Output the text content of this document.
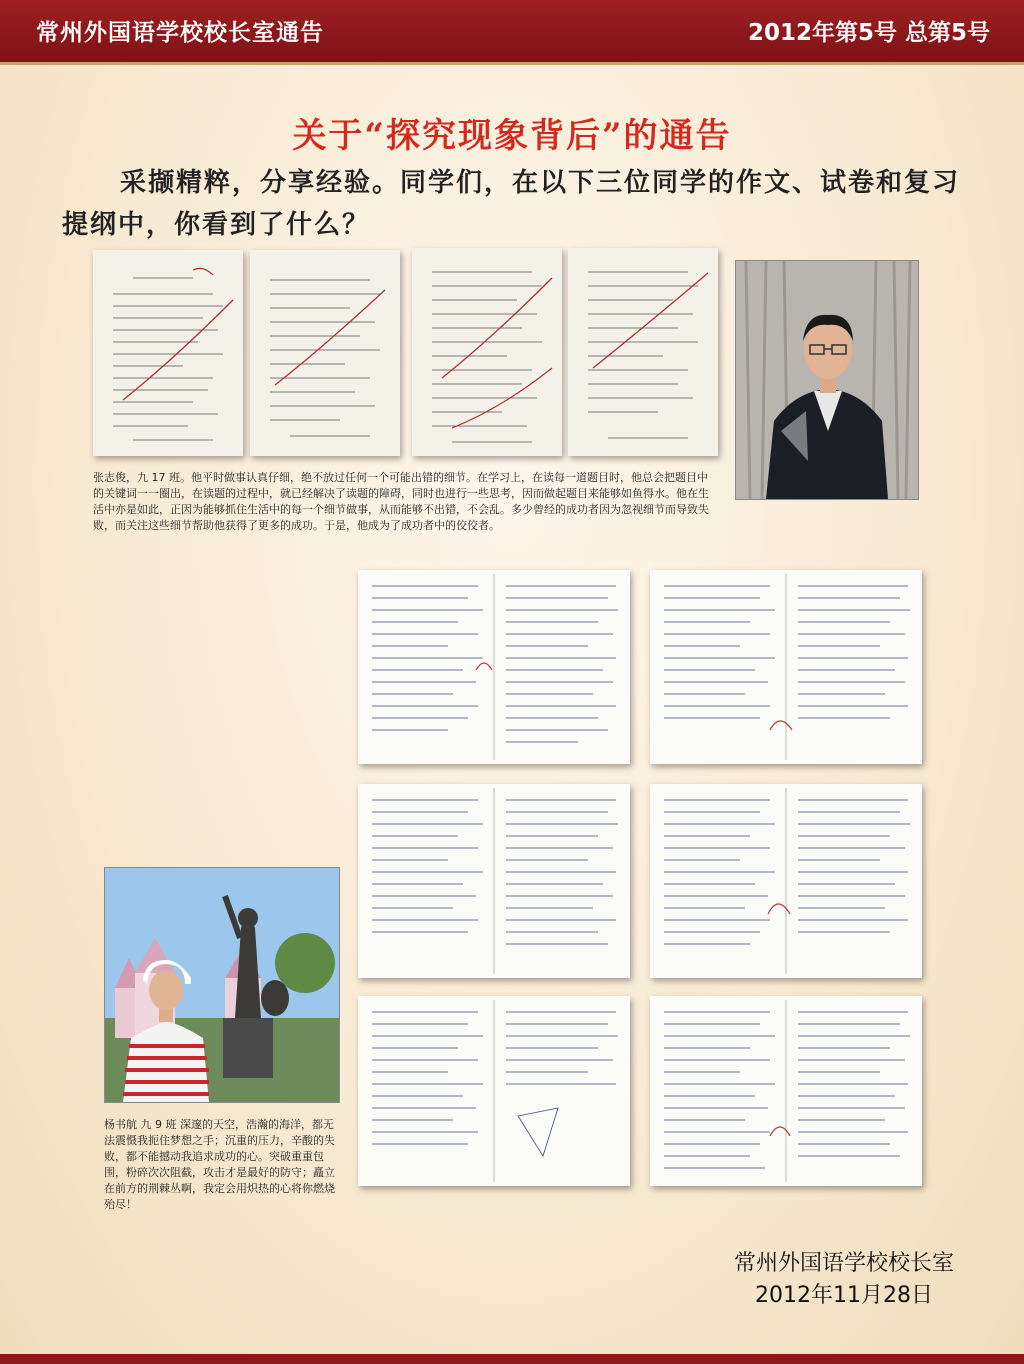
常州外国语学校校长室通告	2012年第5号 总第5号
关于“探究现象背后”的通告
采撷精粹，分享经验。同学们，在以下三位同学的作文、试卷和复习提纲中，你看到了什么？
张志俊，九 17 班。他平时做事认真仔细，绝不放过任何一个可能出错的细节。在学习上，在读每一道题目时，他总会把题目中的关键词一一圈出，在读题的过程中，就已经解决了读题的障碍，同时也进行一些思考，因而做起题目来能够如鱼得水。他在生活中亦是如此，正因为能够抓住生活中的每一个细节做事，从而能够不出错，不会乱。多少曾经的成功者因为忽视细节而导致失败，而关注这些细节帮助他获得了更多的成功。于是，他成为了成功者中的佼佼者。
杨书航 九 9 班 深邃的天空，浩瀚的海洋，都无法震慑我扼住梦想之手；沉重的压力，辛酸的失败，都不能撼动我追求成功的心。突破重重包围，粉碎次次阻截，攻击才是最好的防守；矗立在前方的荆棘丛啊，我定会用炽热的心将你燃烧殆尽！
常州外国语学校校长室
2012年11月28日
